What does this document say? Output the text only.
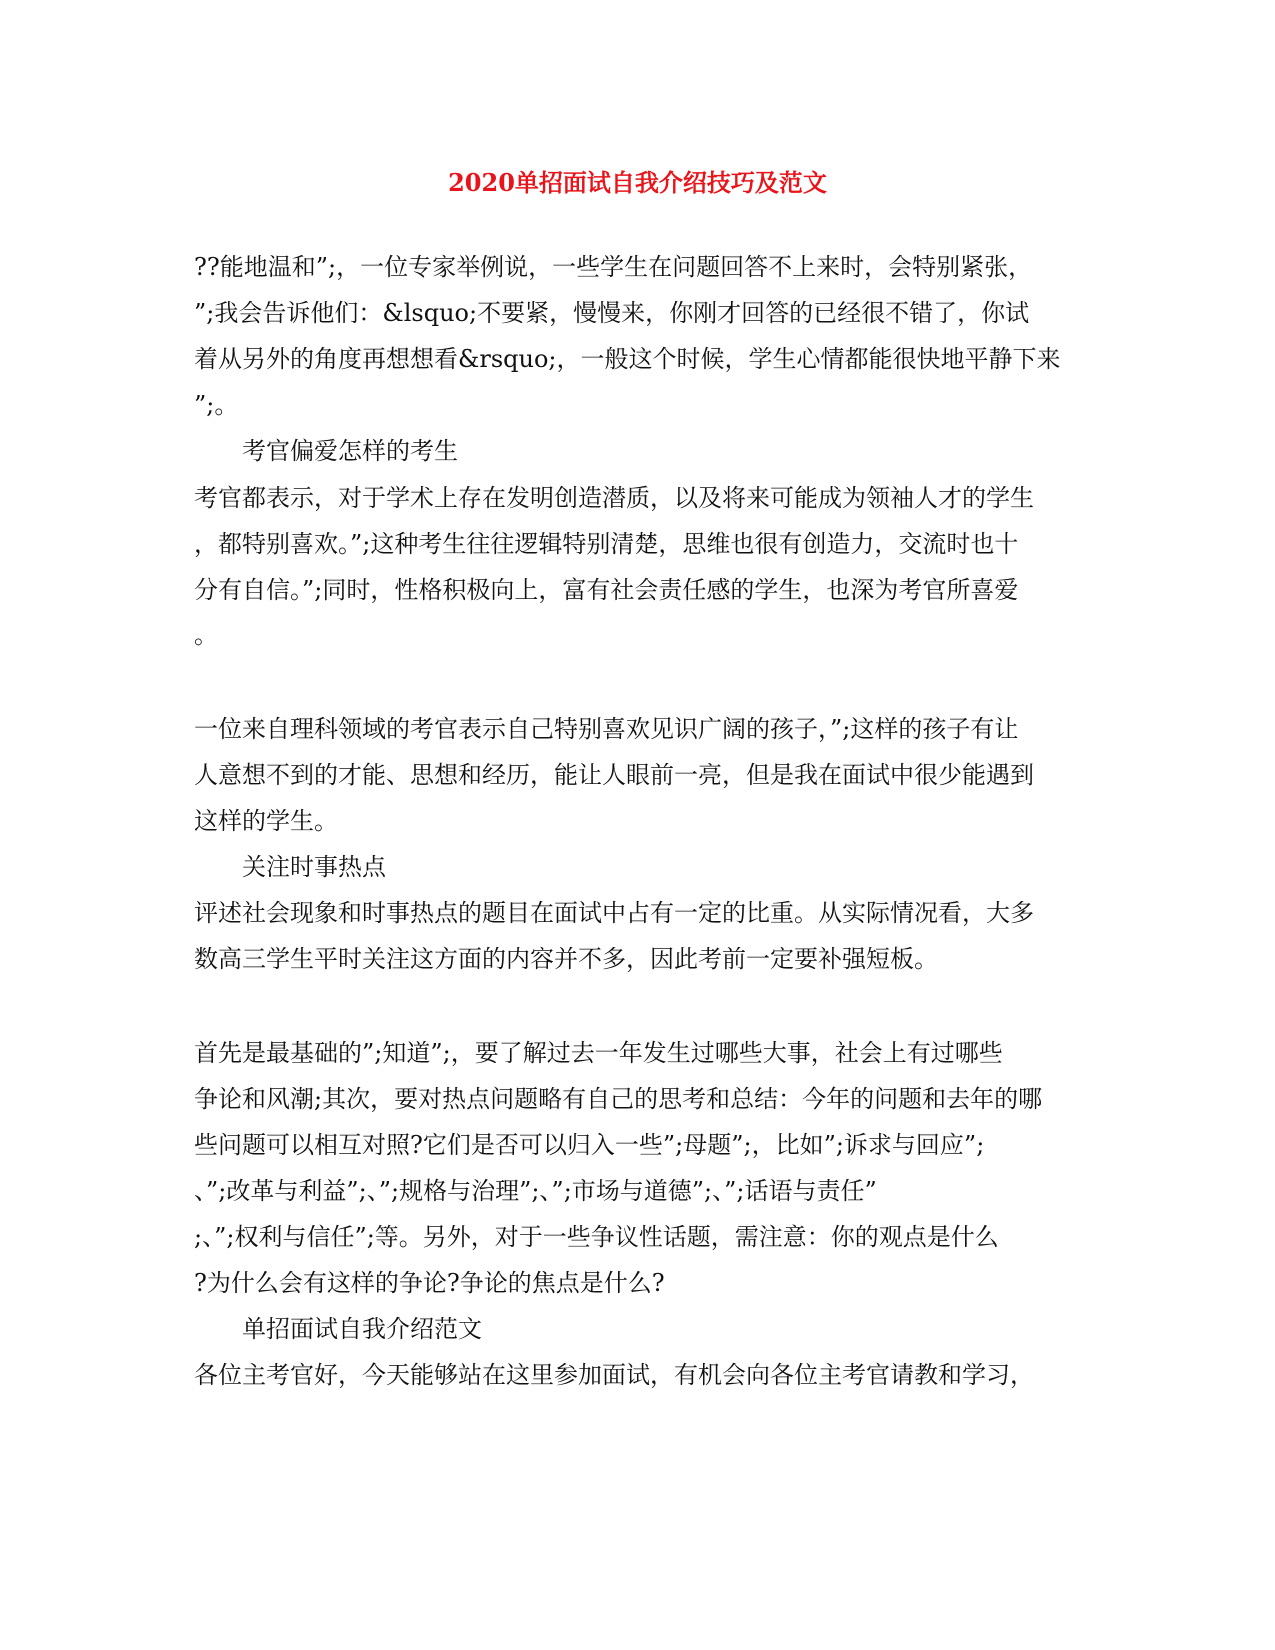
2020单招面试自我介绍技巧及范文
??能地温和”;，一位专家举例说，一些学生在问题回答不上来时，会特别紧张，
”;我会告诉他们：&lsquo;不要紧，慢慢来，你刚才回答的已经很不错了，你试
着从另外的角度再想想看&rsquo;，一般这个时候，学生心情都能很快地平静下来
”;。
考官偏爱怎样的考生
考官都表示，对于学术上存在发明创造潜质，以及将来可能成为领袖人才的学生
，都特别喜欢。”;这种考生往往逻辑特别清楚，思维也很有创造力，交流时也十
分有自信。”;同时，性格积极向上，富有社会责任感的学生，也深为考官所喜爱
。
一位来自理科领域的考官表示自己特别喜欢见识广阔的孩子，”;这样的孩子有让
人意想不到的才能、思想和经历，能让人眼前一亮，但是我在面试中很少能遇到
这样的学生。
关注时事热点
评述社会现象和时事热点的题目在面试中占有一定的比重。从实际情况看，大多
数高三学生平时关注这方面的内容并不多，因此考前一定要补强短板。
首先是最基础的”;知道”;，要了解过去一年发生过哪些大事，社会上有过哪些
争论和风潮;其次，要对热点问题略有自己的思考和总结：今年的问题和去年的哪
些问题可以相互对照?它们是否可以归入一些”;母题”;，比如”;诉求与回应”;
、”;改革与利益”;、”;规格与治理”;、”;市场与道德”;、”;话语与责任”
;、”;权利与信任”;等。另外，对于一些争议性话题，需注意：你的观点是什么
?为什么会有这样的争论?争论的焦点是什么?
单招面试自我介绍范文
各位主考官好，今天能够站在这里参加面试，有机会向各位主考官请教和学习，
